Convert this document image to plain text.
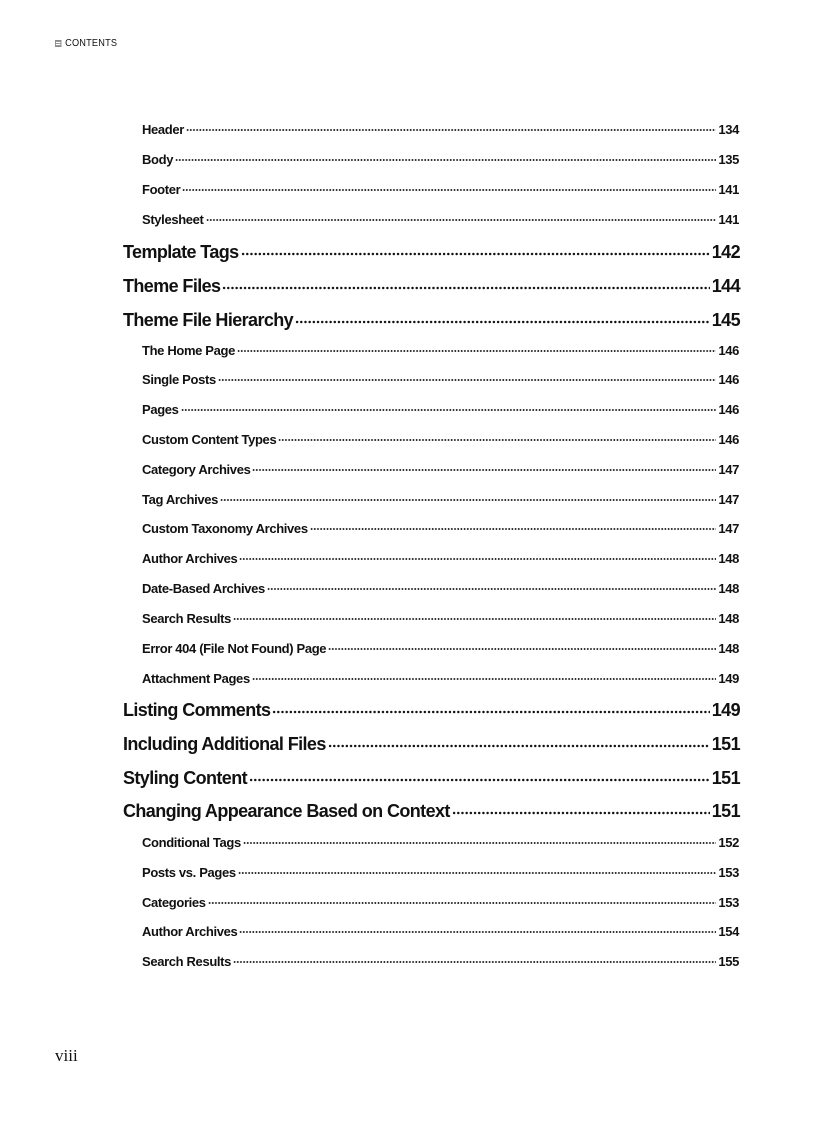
CONTENTS
Header	134
Body	135
Footer	141
Stylesheet	141
Template Tags	142
Theme Files	144
Theme File Hierarchy	145
The Home Page	146
Single Posts	146
Pages	146
Custom Content Types	146
Category Archives	147
Tag Archives	147
Custom Taxonomy Archives	147
Author Archives	148
Date-Based Archives	148
Search Results	148
Error 404 (File Not Found) Page	148
Attachment Pages	149
Listing Comments	149
Including Additional Files	151
Styling Content	151
Changing Appearance Based on Context	151
Conditional Tags	152
Posts vs. Pages	153
Categories	153
Author Archives	154
Search Results	155
viii
